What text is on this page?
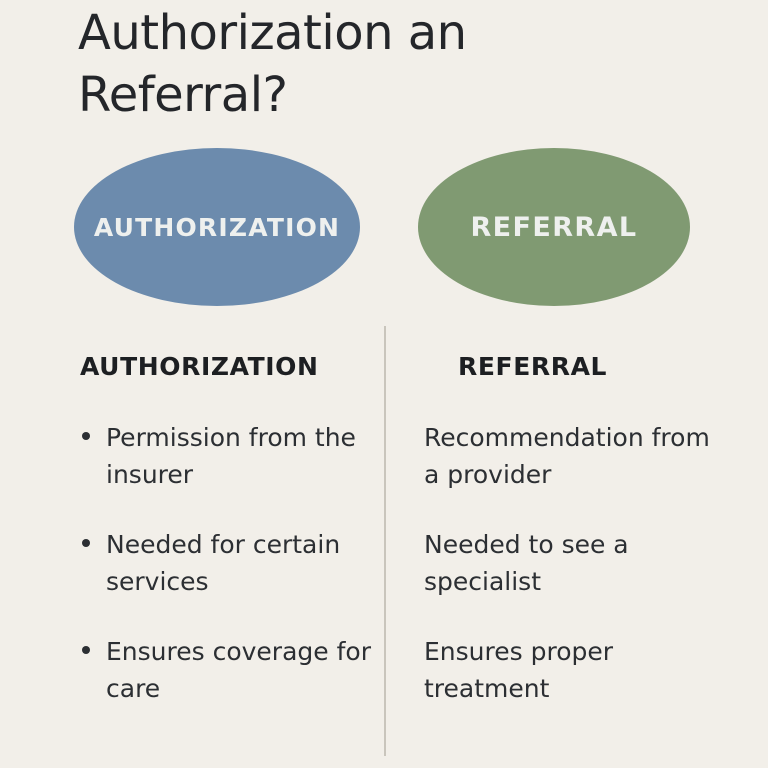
Authorization an
Referral?
AUTHORIZATION	REFERRAL
AUTHORIZATION
Permission from the insurer
Needed for certain services
Ensures coverage for care
REFERRAL
Recommendation from a provider
Needed to see a specialist
Ensures proper treatment
